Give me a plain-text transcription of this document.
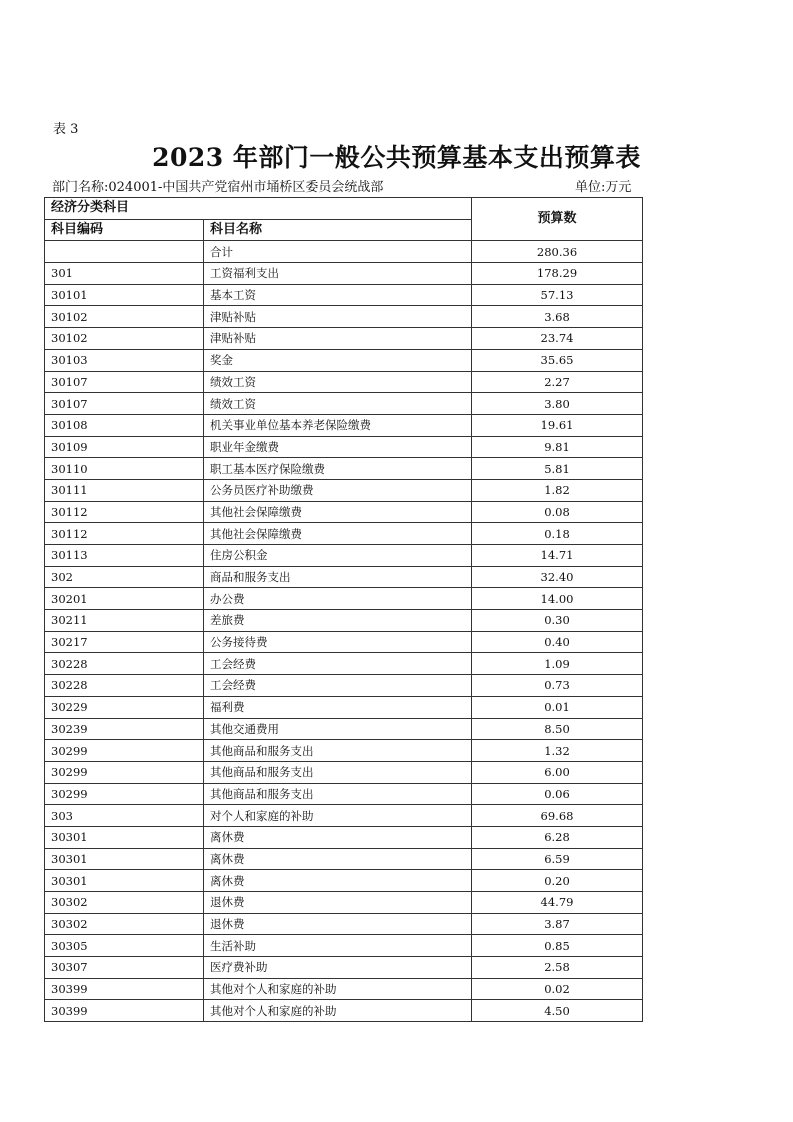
表 3
2023 年部门一般公共预算基本支出预算表
部门名称:024001-中国共产党宿州市埇桥区委员会统战部	单位:万元
经济分类科目		预算数
科目编码	科目名称	
	合计	280.36
301	工资福利支出	178.29
30101	基本工资	57.13
30102	津贴补贴	3.68
30102	津贴补贴	23.74
30103	奖金	35.65
30107	绩效工资	2.27
30107	绩效工资	3.80
30108	机关事业单位基本养老保险缴费	19.61
30109	职业年金缴费	9.81
30110	职工基本医疗保险缴费	5.81
30111	公务员医疗补助缴费	1.82
30112	其他社会保障缴费	0.08
30112	其他社会保障缴费	0.18
30113	住房公积金	14.71
302	商品和服务支出	32.40
30201	办公费	14.00
30211	差旅费	0.30
30217	公务接待费	0.40
30228	工会经费	1.09
30228	工会经费	0.73
30229	福利费	0.01
30239	其他交通费用	8.50
30299	其他商品和服务支出	1.32
30299	其他商品和服务支出	6.00
30299	其他商品和服务支出	0.06
303	对个人和家庭的补助	69.68
30301	离休费	6.28
30301	离休费	6.59
30301	离休费	0.20
30302	退休费	44.79
30302	退休费	3.87
30305	生活补助	0.85
30307	医疗费补助	2.58
30399	其他对个人和家庭的补助	0.02
30399	其他对个人和家庭的补助	4.50
